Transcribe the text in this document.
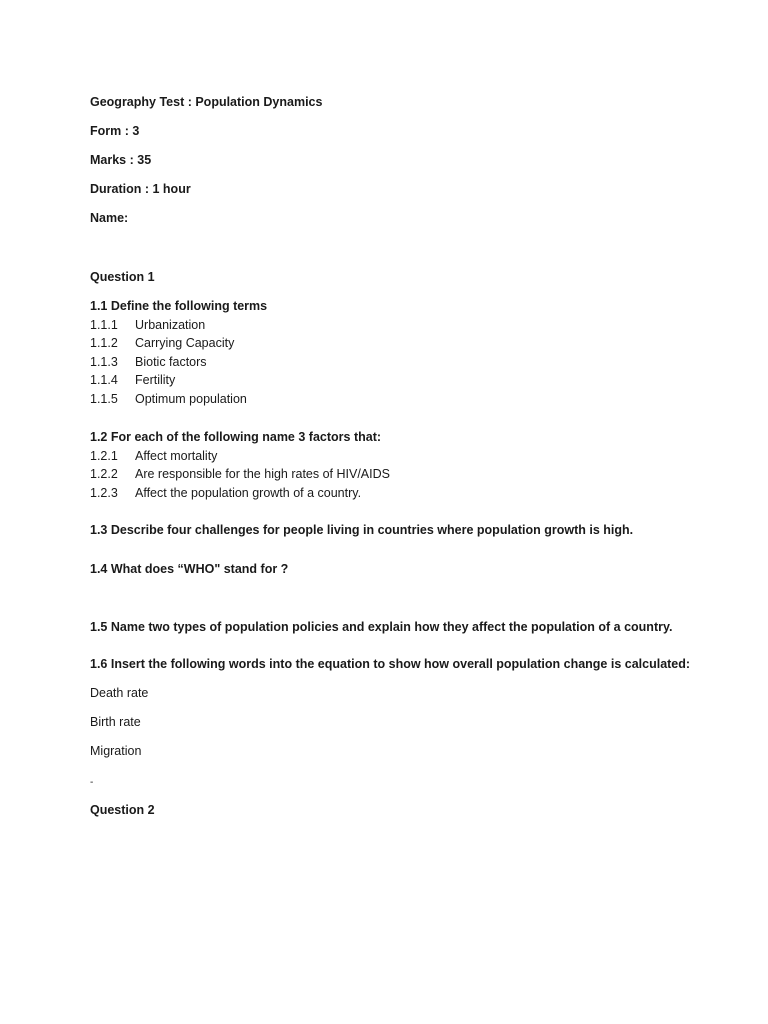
Geography Test : Population Dynamics
Form : 3
Marks : 35
Duration : 1 hour
Name:
Question 1
1.1 Define the following terms
1.1.1 Urbanization
1.1.2 Carrying Capacity
1.1.3 Biotic factors
1.1.4 Fertility
1.1.5 Optimum population
1.2 For each of the following name 3 factors that:
1.2.1 Affect mortality
1.2.2 Are responsible for the high rates of HIV/AIDS
1.2.3 Affect the population growth of a country.
1.3 Describe four challenges for people living in countries where population growth is high.
1.4 What does “WHO" stand for ?
1.5 Name two types of population policies and explain how they affect the population of a country.
1.6 Insert the following words into the equation to show how overall population change is calculated:
Death rate
Birth rate
Migration
-
Question 2
